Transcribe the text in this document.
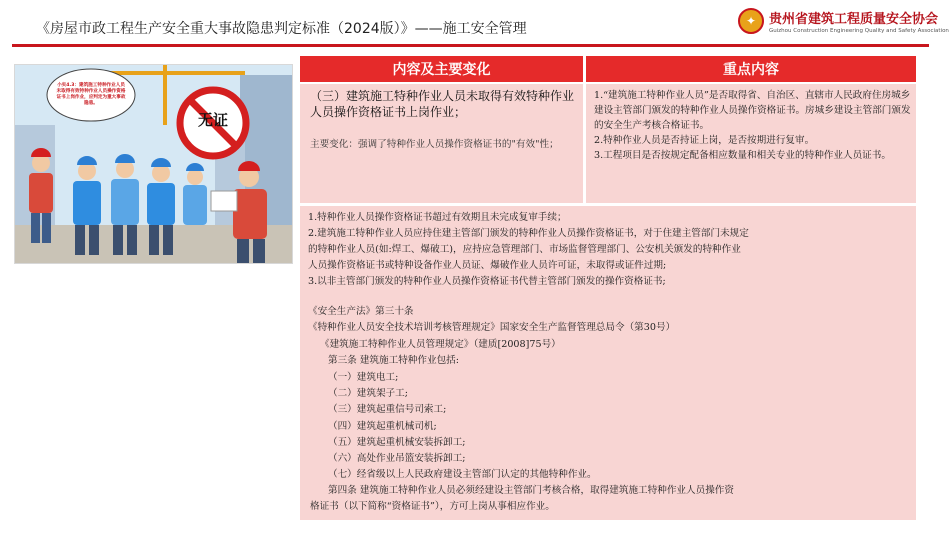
《房屋市政工程生产安全重大事故隐患判定标准（2024版）》——施工安全管理	✦ 贵州省建筑工程质量安全协会
Guizhou Construction Engineering Quality and Safety Association
小实4.3：建筑施工特种作业人员未取得有效特种作业人员操作资格证书上岗作业，应判定为重大事故隐患。
无证
内容及主要变化	重点内容
（三）建筑施工特种作业人员未取得有效特种作业人员操作资格证书上岗作业；
主要变化：强调了特种作业人员操作资格证书的"有效"性；

1.“建筑施工特种作业人员”是否取得省、自治区、直辖市人民政府住房城乡建设主管部门颁发的特种作业人员操作资格证书。房城乡建设主管部门颁发的安全生产考核合格证书。

2.特种作业人员是否持证上岗，是否按期进行复审。

3.工程项目是否按规定配备相应数量和相关专业的特种作业人员证书。

1.特种作业人员操作资格证书超过有效期且未完成复审手续；
2.建筑施工特种作业人员应持住建主管部门颁发的特种作业人员操作资格证书，对于住建主管部门未规定
的特种作业人员(如:焊工、爆破工)，应持应急管理部门、市场监督管理部门、公安机关颁发的特种作业
人员操作资格证书或特种设备作业人员证、爆破作业人员许可证，未取得或证件过期;
3.以非主管部门颁发的特种作业人员操作资格证书代替主管部门颁发的操作资格证书;
《安全生产法》第三十条
《特种作业人员安全技术培训考核管理规定》国家安全生产监督管理总局令（第30号）
《建筑施工特种作业人员管理规定》（建质[2008]75号）
第三条 建筑施工特种作业包括:
（一）建筑电工;
（二）建筑架子工;
（三）建筑起重信号司索工;
（四）建筑起重机械司机;
（五）建筑起重机械安装拆卸工;
（六）高处作业吊篮安装拆卸工;
（七）经省级以上人民政府建设主管部门认定的其他特种作业。
第四条 建筑施工特种作业人员必须经建设主管部门考核合格，取得建筑施工特种作业人员操作资
格证书（以下简称“资格证书”），方可上岗从事相应作业。
